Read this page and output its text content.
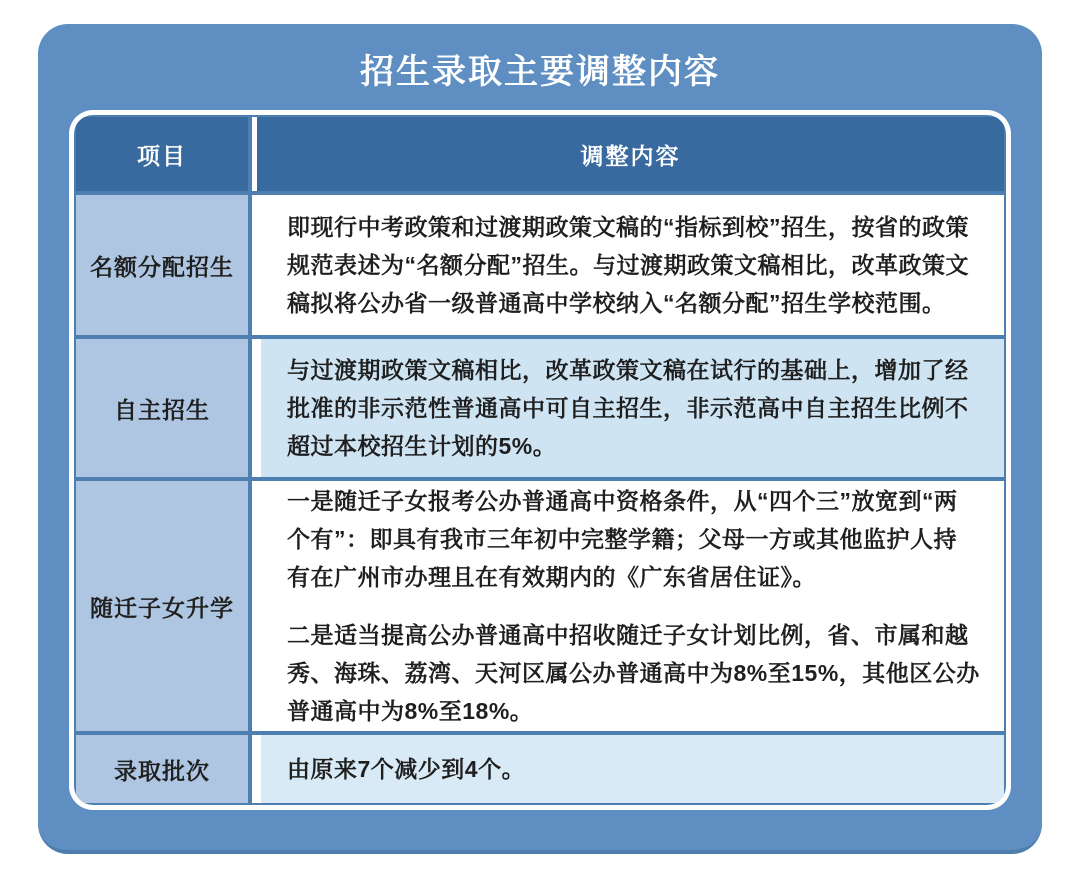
招生录取主要调整内容
项目	调整内容
名额分配招生

即现行中考政策和过渡期政策文稿的“指标到校”招生，按省的政策规范表述为“名额分配”招生。与过渡期政策文稿相比，改革政策文稿拟将公办省一级普通高中学校纳入“名额分配”招生学校范围。

自主招生

与过渡期政策文稿相比，改革政策文稿在试行的基础上，增加了经批准的非示范性普通高中可自主招生，非示范高中自主招生比例不超过本校招生计划的5%。

随迁子女升学

一是随迁子女报考公办普通高中资格条件，从“四个三”放宽到“两个有”：即具有我市三年初中完整学籍；父母一方或其他监护人持有在广州市办理且在有效期内的《广东省居住证》。

二是适当提高公办普通高中招收随迁子女计划比例，省、市属和越秀、海珠、荔湾、天河区属公办普通高中为8%至15%，其他区公办普通高中为8%至18%。

录取批次	由原来7个减少到4个。
